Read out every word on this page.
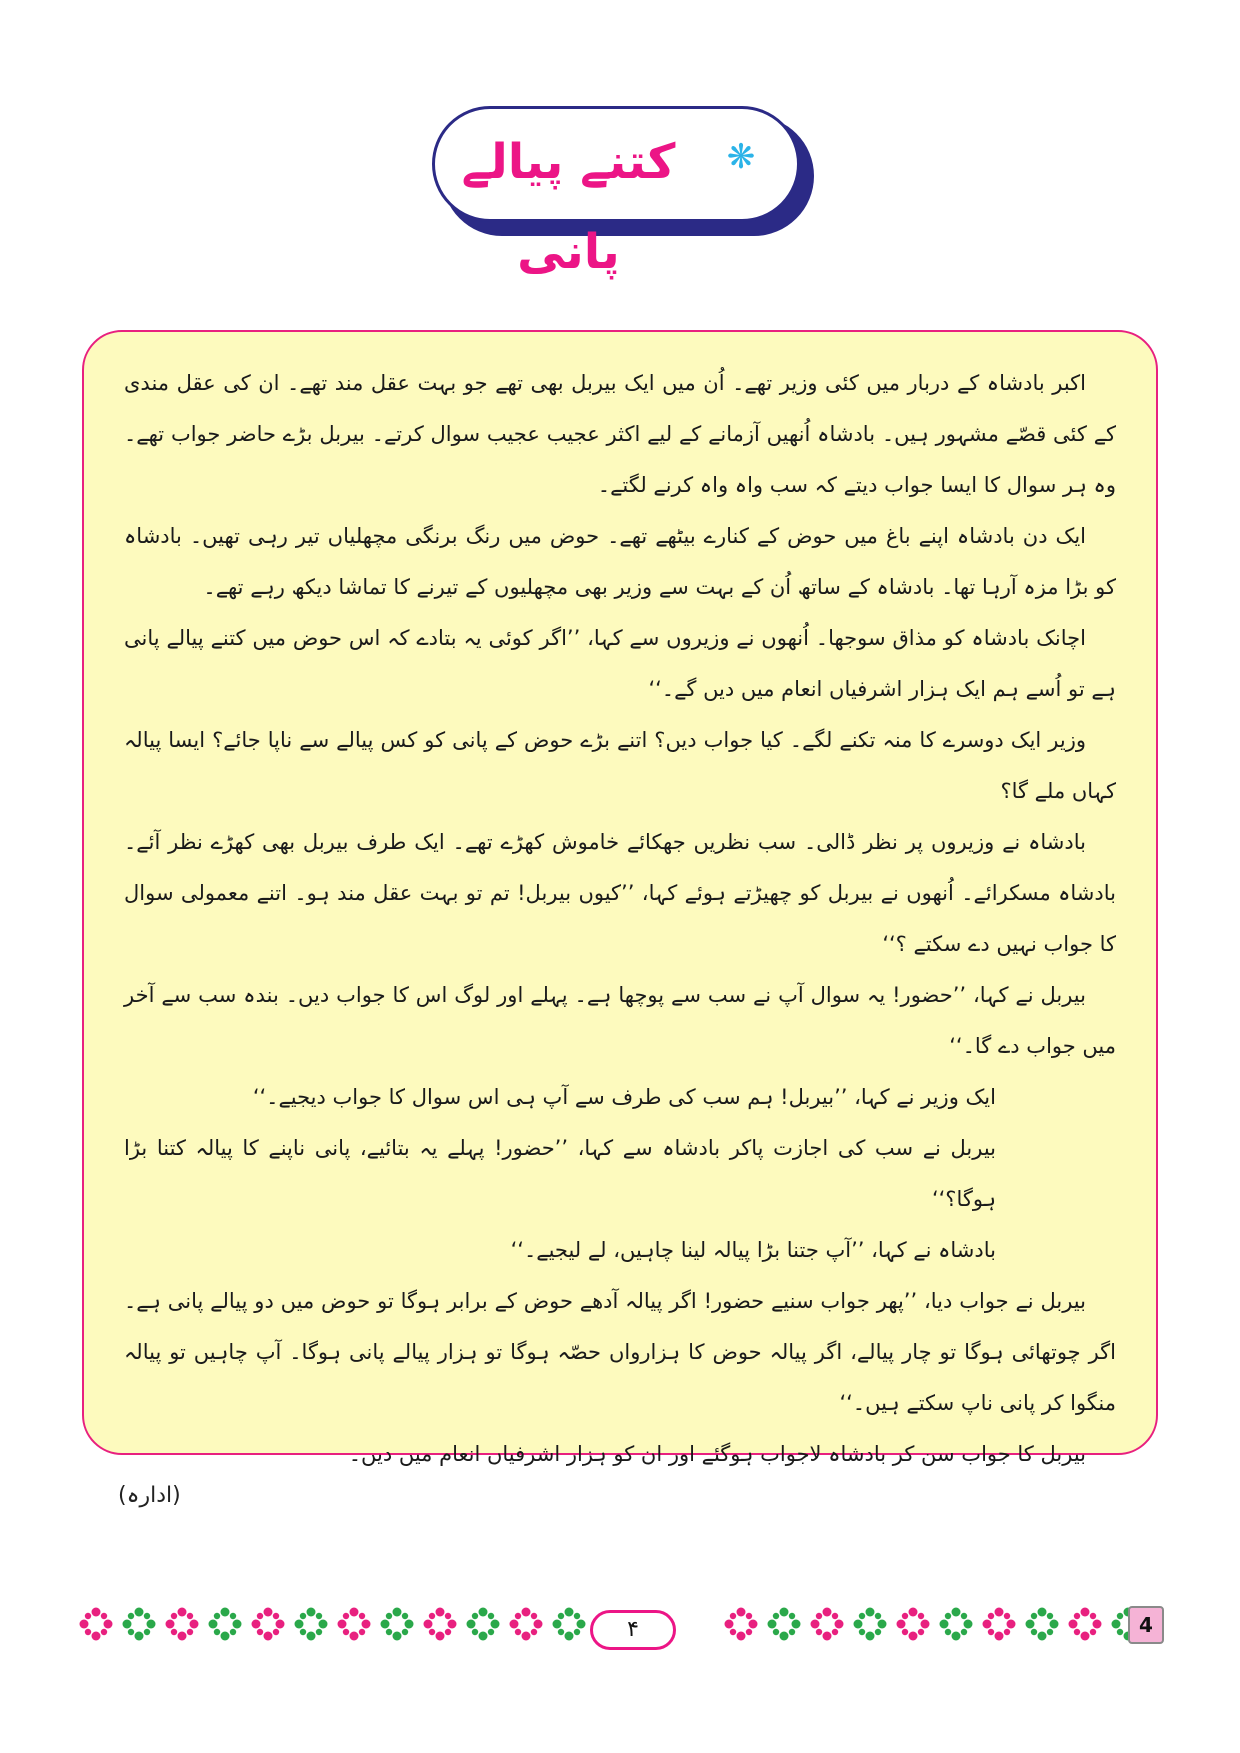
کتنے پیالے پانی
❋

اکبر بادشاہ کے دربار میں کئی وزیر تھے۔ اُن میں ایک بیربل بھی تھے جو بہت عقل مند تھے۔ ان کی عقل مندی کے کئی قصّے مشہور ہیں۔ بادشاہ اُنھیں آزمانے کے لیے اکثر عجیب عجیب سوال کرتے۔ بیربل بڑے حاضر جواب تھے۔ وہ ہر سوال کا ایسا جواب دیتے کہ سب واہ واہ کرنے لگتے۔

ایک دن بادشاہ اپنے باغ میں حوض کے کنارے بیٹھے تھے۔ حوض میں رنگ برنگی مچھلیاں تیر رہی تھیں۔ بادشاہ کو بڑا مزہ آرہا تھا۔ بادشاہ کے ساتھ اُن کے بہت سے وزیر بھی مچھلیوں کے تیرنے کا تماشا دیکھ رہے تھے۔

اچانک بادشاہ کو مذاق سوجھا۔ اُنھوں نے وزیروں سے کہا، ’’اگر کوئی یہ بتادے کہ اس حوض میں کتنے پیالے پانی ہے تو اُسے ہم ایک ہزار اشرفیاں انعام میں دیں گے۔‘‘

وزیر ایک دوسرے کا منہ تکنے لگے۔ کیا جواب دیں؟ اتنے بڑے حوض کے پانی کو کس پیالے سے ناپا جائے؟ ایسا پیالہ کہاں ملے گا؟

بادشاہ نے وزیروں پر نظر ڈالی۔ سب نظریں جھکائے خاموش کھڑے تھے۔ ایک طرف بیربل بھی کھڑے نظر آئے۔ بادشاہ مسکرائے۔ اُنھوں نے بیربل کو چھیڑتے ہوئے کہا، ’’کیوں بیربل! تم تو بہت عقل مند ہو۔ اتنے معمولی سوال کا جواب نہیں دے سکتے ؟‘‘

بیربل نے کہا، ’’حضور! یہ سوال آپ نے سب سے پوچھا ہے۔ پہلے اور لوگ اس کا جواب دیں۔ بندہ سب سے آخر میں جواب دے گا۔‘‘

ایک وزیر نے کہا، ’’بیربل! ہم سب کی طرف سے آپ ہی اس سوال کا جواب دیجیے۔‘‘

بیربل نے سب کی اجازت پاکر بادشاہ سے کہا، ’’حضور! پہلے یہ بتائیے، پانی ناپنے کا پیالہ کتنا بڑا ہوگا؟‘‘

بادشاہ نے کہا، ’’آپ جتنا بڑا پیالہ لینا چاہیں، لے لیجیے۔‘‘

بیربل نے جواب دیا، ’’پھر جواب سنیے حضور! اگر پیالہ آدھے حوض کے برابر ہوگا تو حوض میں دو پیالے پانی ہے۔ اگر چوتھائی ہوگا تو چار پیالے، اگر پیالہ حوض کا ہزارواں حصّہ ہوگا تو ہزار پیالے پانی ہوگا۔ آپ چاہیں تو پیالہ منگوا کر پانی ناپ سکتے ہیں۔‘‘

بیربل کا جواب سن کر بادشاہ لاجواب ہوگئے اور ان کو ہزار اشرفیاں انعام میں دیں۔

(ادارہ)
۴	4
